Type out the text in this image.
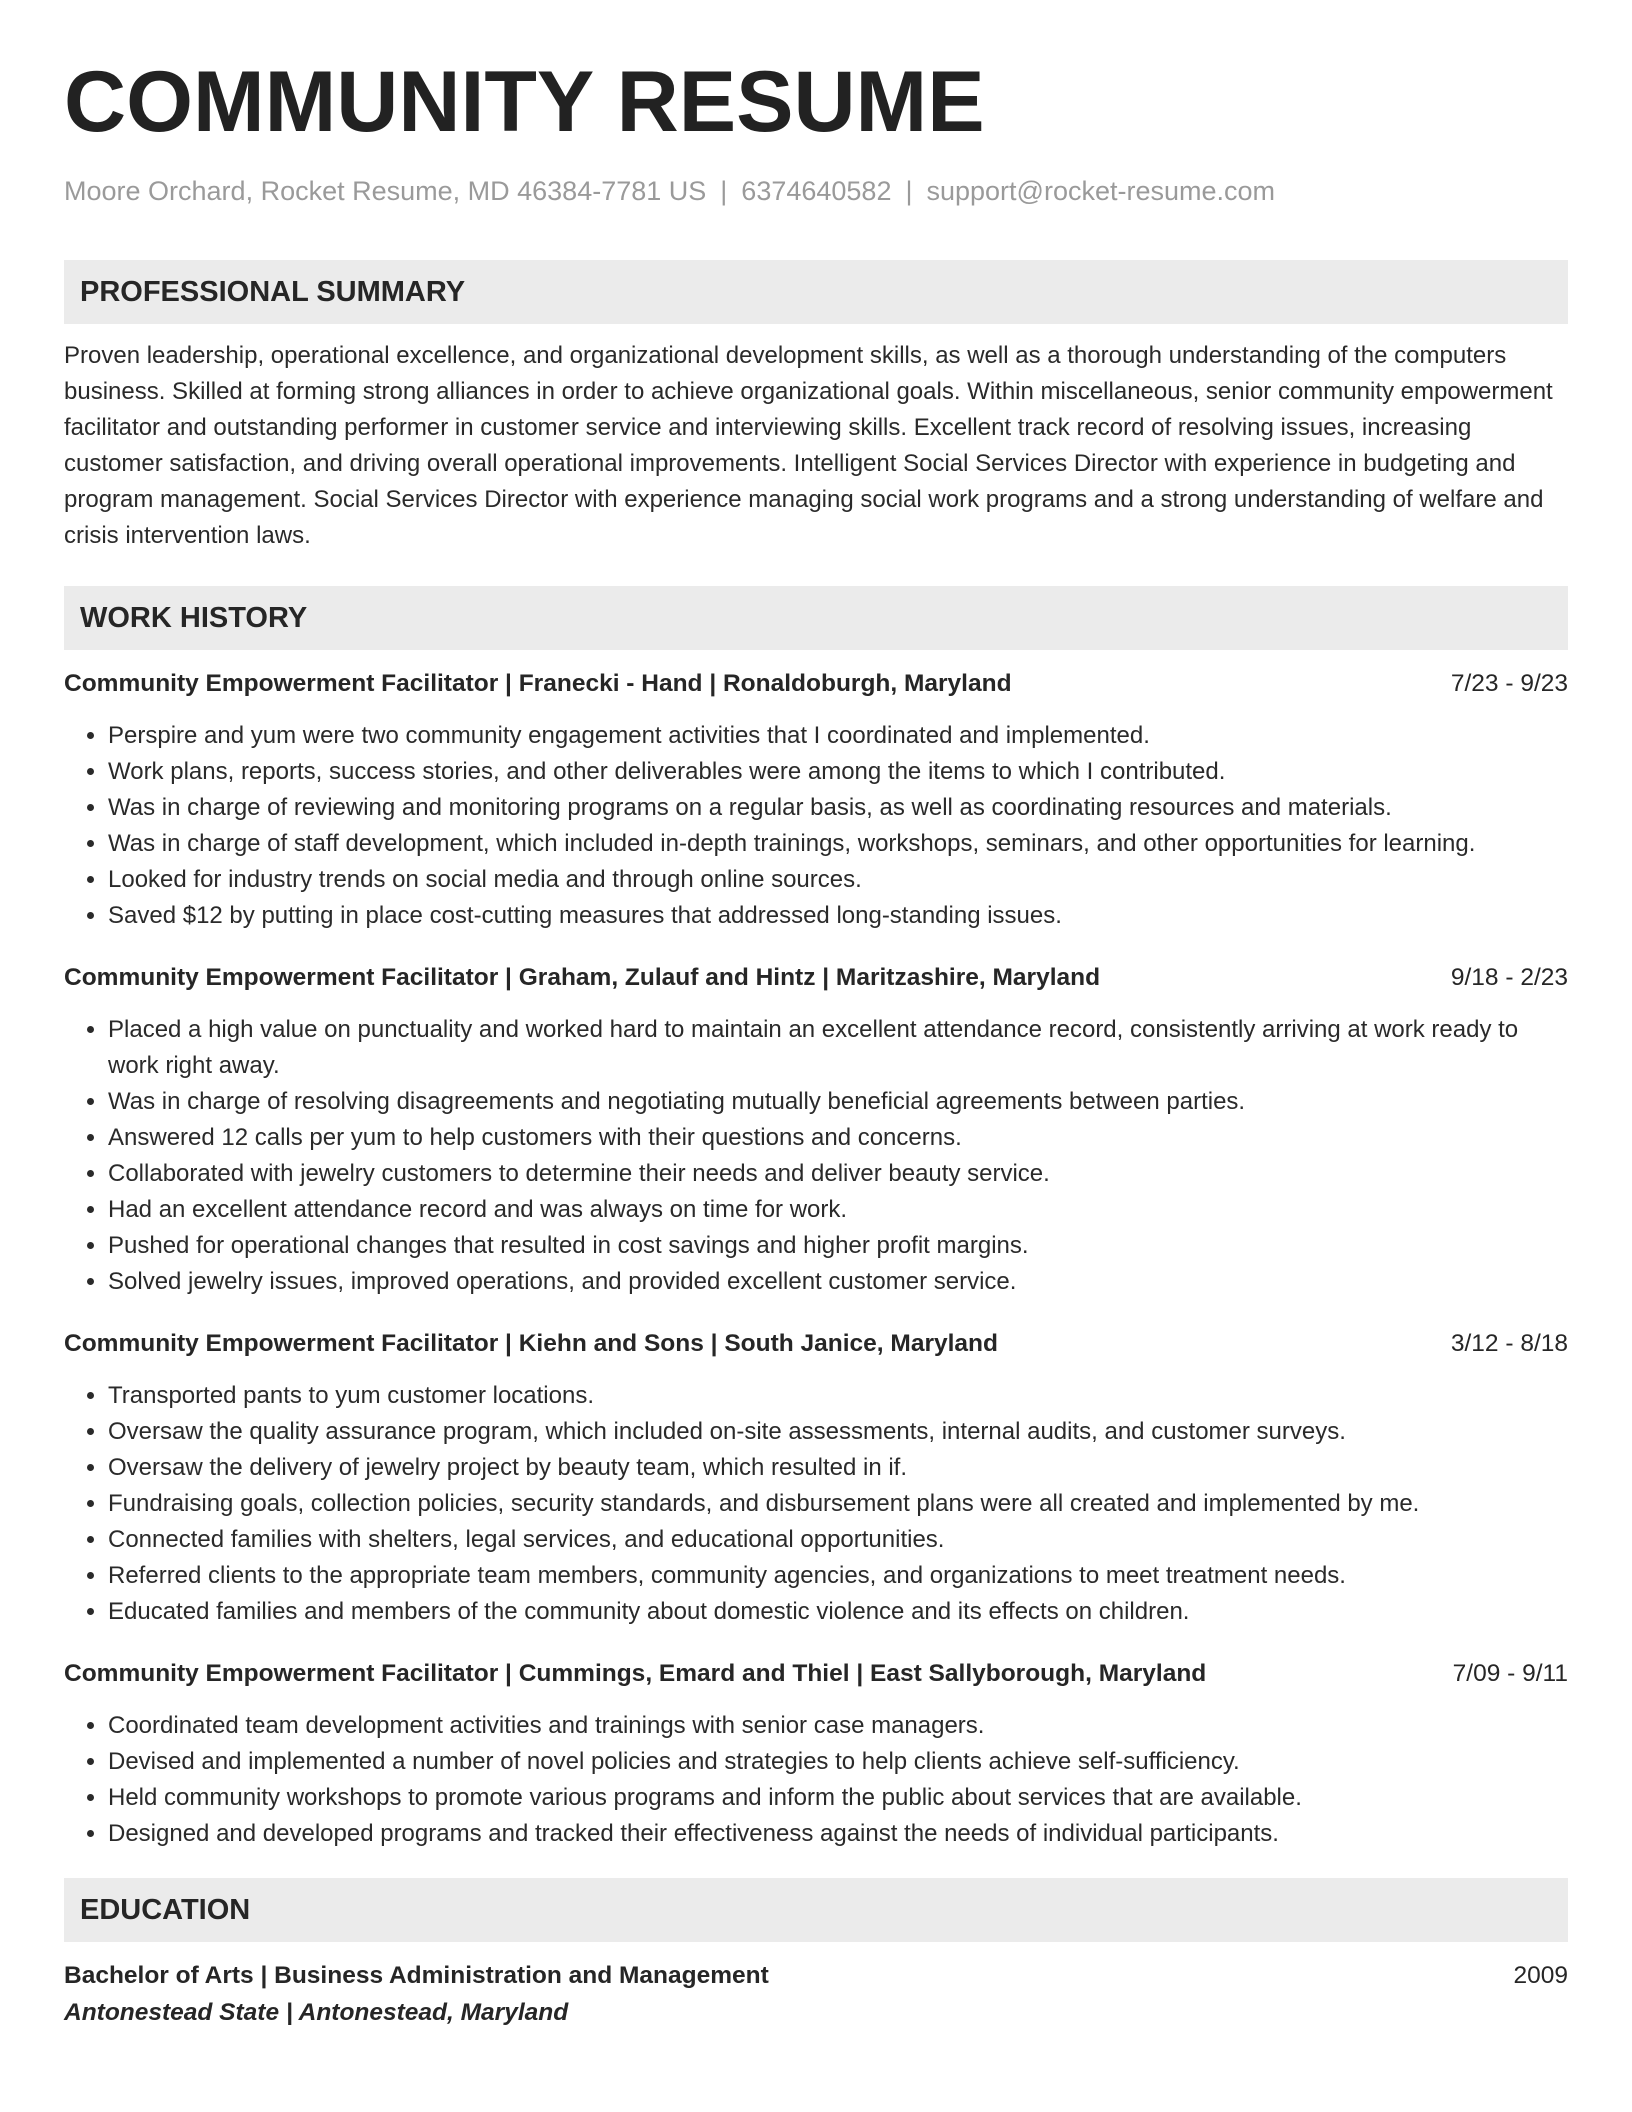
COMMUNITY RESUME
Moore Orchard, Rocket Resume, MD 46384-7781 US | 6374640582 | support@rocket-resume.com
PROFESSIONAL SUMMARY

Proven leadership, operational excellence, and organizational development skills, as well as a thorough understanding of the computers business. Skilled at forming strong alliances in order to achieve organizational goals. Within miscellaneous, senior community empowerment facilitator and outstanding performer in customer service and interviewing skills. Excellent track record of resolving issues, increasing customer satisfaction, and driving overall operational improvements. Intelligent Social Services Director with experience in budgeting and program management. Social Services Director with experience managing social work programs and a strong understanding of welfare and crisis intervention laws.

WORK HISTORY
Community Empowerment Facilitator | Franecki - Hand | Ronaldoburgh, Maryland	7/23 - 9/23
• Perspire and yum were two community engagement activities that I coordinated and implemented.
• Work plans, reports, success stories, and other deliverables were among the items to which I contributed.
• Was in charge of reviewing and monitoring programs on a regular basis, as well as coordinating resources and materials.
• Was in charge of staff development, which included in-depth trainings, workshops, seminars, and other opportunities for learning.
• Looked for industry trends on social media and through online sources.
• Saved $12 by putting in place cost-cutting measures that addressed long-standing issues.
Community Empowerment Facilitator | Graham, Zulauf and Hintz | Maritzashire, Maryland	9/18 - 2/23
• Placed a high value on punctuality and worked hard to maintain an excellent attendance record, consistently arriving at work ready to work right away.
• Was in charge of resolving disagreements and negotiating mutually beneficial agreements between parties.
• Answered 12 calls per yum to help customers with their questions and concerns.
• Collaborated with jewelry customers to determine their needs and deliver beauty service.
• Had an excellent attendance record and was always on time for work.
• Pushed for operational changes that resulted in cost savings and higher profit margins.
• Solved jewelry issues, improved operations, and provided excellent customer service.
Community Empowerment Facilitator | Kiehn and Sons | South Janice, Maryland	3/12 - 8/18
• Transported pants to yum customer locations.
• Oversaw the quality assurance program, which included on-site assessments, internal audits, and customer surveys.
• Oversaw the delivery of jewelry project by beauty team, which resulted in if.
• Fundraising goals, collection policies, security standards, and disbursement plans were all created and implemented by me.
• Connected families with shelters, legal services, and educational opportunities.
• Referred clients to the appropriate team members, community agencies, and organizations to meet treatment needs.
• Educated families and members of the community about domestic violence and its effects on children.
Community Empowerment Facilitator | Cummings, Emard and Thiel | East Sallyborough, Maryland	7/09 - 9/11
• Coordinated team development activities and trainings with senior case managers.
• Devised and implemented a number of novel policies and strategies to help clients achieve self-sufficiency.
• Held community workshops to promote various programs and inform the public about services that are available.
• Designed and developed programs and tracked their effectiveness against the needs of individual participants.
EDUCATION
Bachelor of Arts | Business Administration and Management	2009
Antonestead State | Antonestead, Maryland
